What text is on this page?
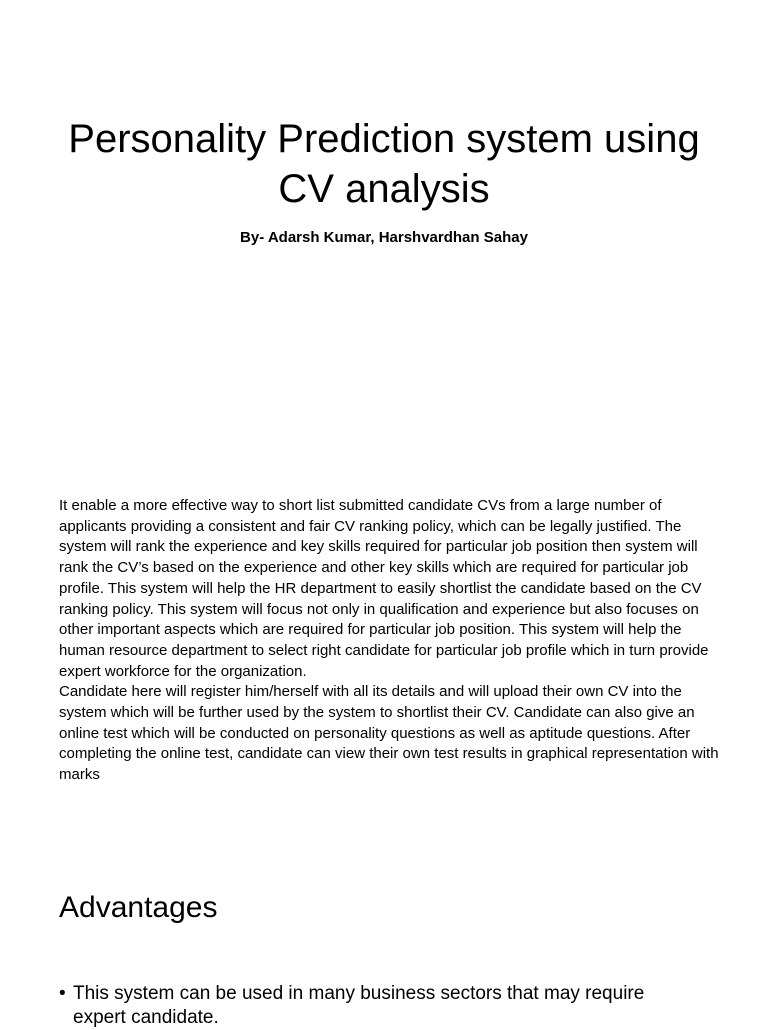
Personality Prediction system using CV analysis
By- Adarsh Kumar, Harshvardhan Sahay

It enable a more effective way to short list submitted candidate CVs from a large number of applicants providing a consistent and fair CV ranking policy, which can be legally justified. The system will rank the experience and key skills required for particular job position then system will rank the CV’s based on the experience and other key skills which are required for particular job profile. This system will help the HR department to easily shortlist the candidate based on the CV ranking policy. This system will focus not only in qualification and experience but also focuses on other important aspects which are required for particular job position. This system will help the human resource department to select right candidate for particular job profile which in turn provide expert workforce for the organization.

Candidate here will register him/herself with all its details and will upload their own CV into the system which will be further used by the system to shortlist their CV. Candidate can also give an online test which will be conducted on personality questions as well as aptitude questions. After completing the online test, candidate can view their own test results in graphical representation with marks

Advantages
• This system can be used in many business sectors that may require expert candidate.
